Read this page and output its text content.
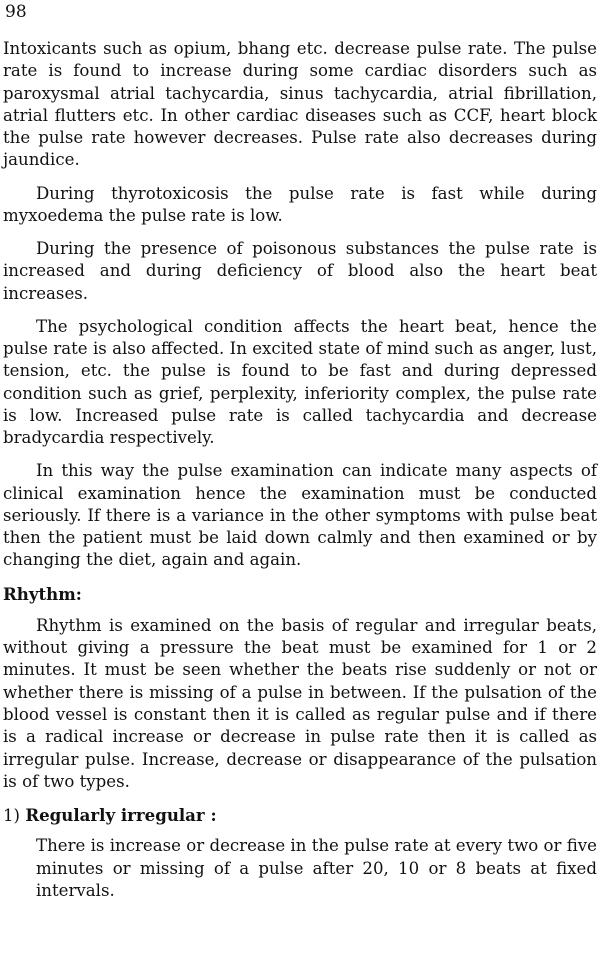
98

Intoxicants such as opium, bhang etc. decrease pulse rate. The pulse rate is found to increase during some cardiac disorders such as paroxysmal atrial tachycardia, sinus tachycardia, atrial fibrillation, atrial flutters etc. In other cardiac diseases such as CCF, heart block the pulse rate however decreases. Pulse rate also decreases during jaundice.

During thyrotoxicosis the pulse rate is fast while during myxoedema the pulse rate is low.

During the presence of poisonous substances the pulse rate is increased and during deficiency of blood also the heart beat increases.

The psychological condition affects the heart beat, hence the pulse rate is also affected. In excited state of mind such as anger, lust, tension, etc. the pulse is found to be fast and during depressed condition such as grief, perplexity, inferiority complex, the pulse rate is low. Increased pulse rate is called tachycardia and decrease bradycardia respectively.

In this way the pulse examination can indicate many aspects of clinical examination hence the examination must be conducted seriously. If there is a variance in the other symptoms with pulse beat then the patient must be laid down calmly and then examined or by changing the diet, again and again.

Rhythm:

Rhythm is examined on the basis of regular and irregular beats, without giving a pressure the beat must be examined for 1 or 2 minutes. It must be seen whether the beats rise suddenly or not or whether there is missing of a pulse in between. If the pulsation of the blood vessel is constant then it is called as regular pulse and if there is a radical increase or decrease in pulse rate then it is called as irregular pulse. Increase, decrease or disappearance of the pulsation is of two types.

1) Regularly irregular :

There is increase or decrease in the pulse rate at every two or five minutes or missing of a pulse after 20, 10 or 8 beats at fixed intervals.
